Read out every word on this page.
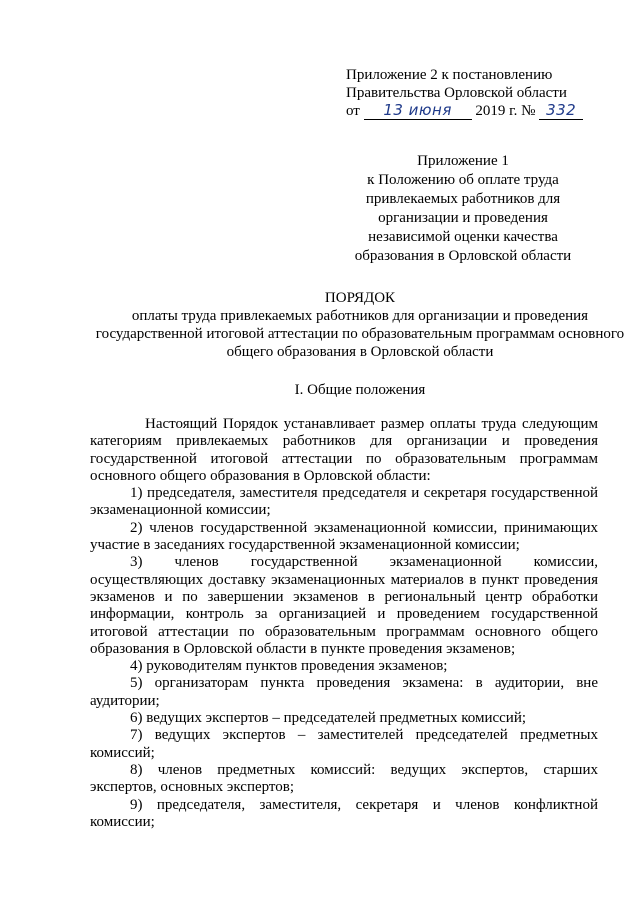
Приложение 2 к постановлению
Правительства Орловской области
от 13 июня 2019 г. № 332
Приложение 1
к Положению об оплате труда
привлекаемых работников для
организации и проведения
независимой оценки качества
образования в Орловской области
ПОРЯДОК
оплаты труда привлекаемых работников для организации и проведения государственной итоговой аттестации по образовательным программам основного общего образования в Орловской области
I. Общие положения

Настоящий Порядок устанавливает размер оплаты труда следующим категориям привлекаемых работников для организации и проведения государственной итоговой аттестации по образовательным программам основного общего образования в Орловской области:

1) председателя, заместителя председателя и секретаря государственной экзаменационной комиссии;

2) членов государственной экзаменационной комиссии, принимающих участие в заседаниях государственной экзаменационной комиссии;

3) членов государственной экзаменационной комиссии, осуществляющих доставку экзаменационных материалов в пункт проведения экзаменов и по завершении экзаменов в региональный центр обработки информации, контроль за организацией и проведением государственной итоговой аттестации по образовательным программам основного общего образования в Орловской области в пункте проведения экзаменов;

4) руководителям пунктов проведения экзаменов;

5) организаторам пункта проведения экзамена: в аудитории, вне аудитории;

6) ведущих экспертов – председателей предметных комиссий;

7) ведущих экспертов – заместителей председателей предметных комиссий;

8) членов предметных комиссий: ведущих экспертов, старших экспертов, основных экспертов;

9) председателя, заместителя, секретаря и членов конфликтной комиссии;
